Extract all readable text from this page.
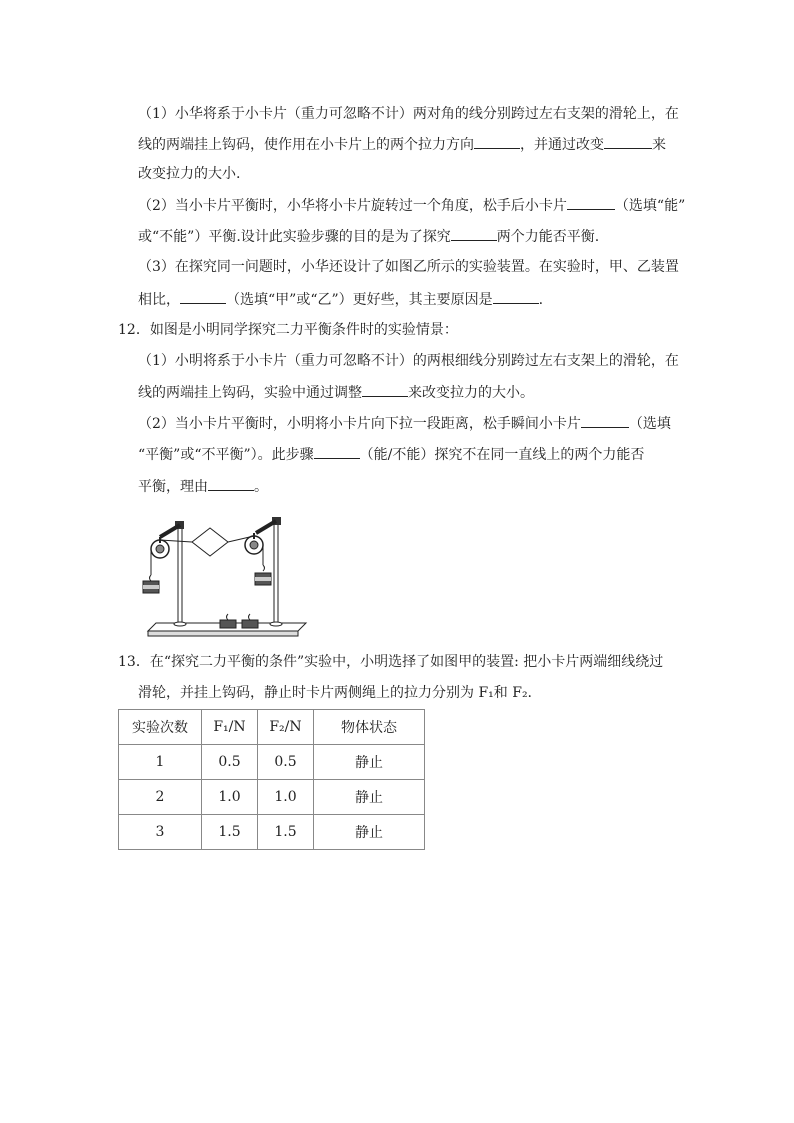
（1）小华将系于小卡片（重力可忽略不计）两对角的线分别跨过左右支架的滑轮上，在
线的两端挂上钩码，使作用在小卡片上的两个拉力方向	，并通过改变	来
改变拉力的大小.
（2）当小卡片平衡时，小华将小卡片旋转过一个角度，松手后小卡片	（选填“能”
或“不能”）平衡.设计此实验步骤的目的是为了探究	两个力能否平衡.
（3）在探究同一问题时，小华还设计了如图乙所示的实验装置。在实验时，甲、乙装置
相比，	（选填“甲”或“乙”）更好些，其主要原因是	.
12．如图是小明同学探究二力平衡条件时的实验情景：
（1）小明将系于小卡片（重力可忽略不计）的两根细线分别跨过左右支架上的滑轮，在
线的两端挂上钩码，实验中通过调整	来改变拉力的大小。
（2）当小卡片平衡时，小明将小卡片向下拉一段距离，松手瞬间小卡片	（选填
“平衡”或“不平衡”）。此步骤	（能/不能）探究不在同一直线上的两个力能否
平衡，理由	。
13．在“探究二力平衡的条件”实验中，小明选择了如图甲的装置: 把小卡片两端细线绕过
滑轮，并挂上钩码，静止时卡片两侧绳上的拉力分别为 F₁和 F₂.
实验次数	F₁/N	F₂/N	物体状态
1	0.5	0.5	静止
2	1.0	1.0	静止
3	1.5	1.5	静止
